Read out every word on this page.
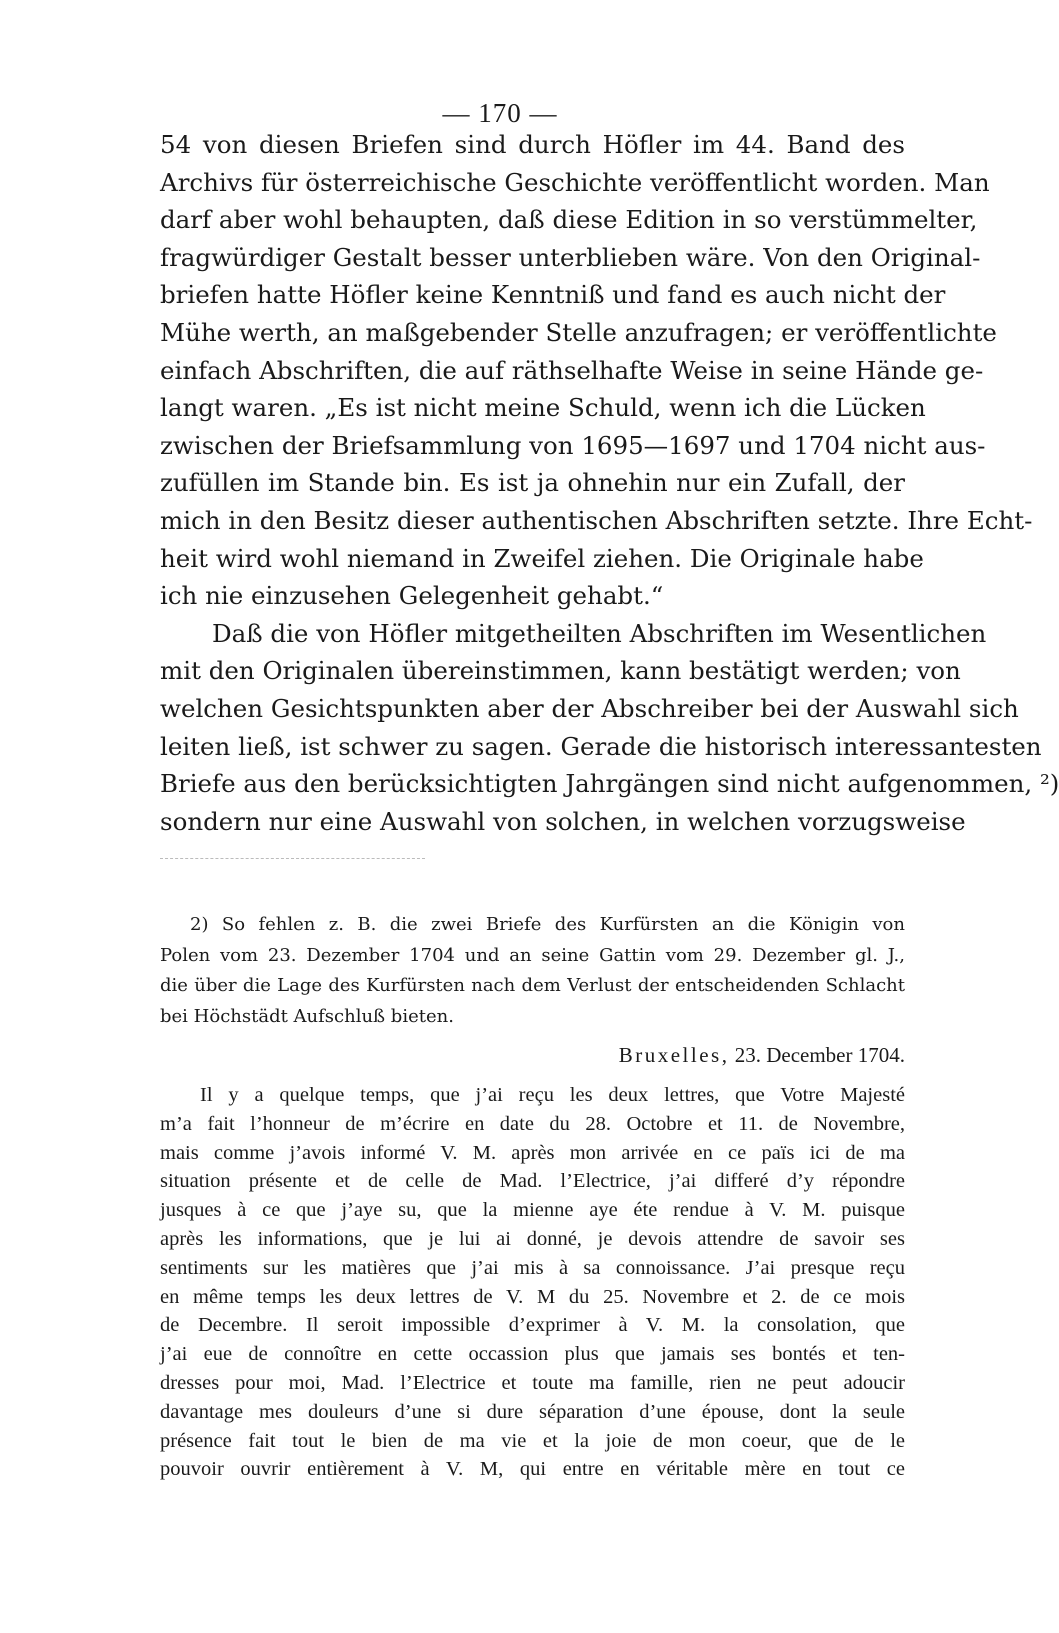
— 170 —
54 von diesen Briefen sind durch Höfler im 44. Band des
Archivs für österreichische Geschichte veröffentlicht worden. Man
darf aber wohl behaupten, daß diese Edition in so verstümmelter,
fragwürdiger Gestalt besser unterblieben wäre. Von den Original-
briefen hatte Höfler keine Kenntniß und fand es auch nicht der
Mühe werth, an maßgebender Stelle anzufragen; er veröffentlichte
einfach Abschriften, die auf räthselhafte Weise in seine Hände ge-
langt waren. „Es ist nicht meine Schuld, wenn ich die Lücken
zwischen der Briefsammlung von 1695—1697 und 1704 nicht aus-
zufüllen im Stande bin. Es ist ja ohnehin nur ein Zufall, der
mich in den Besitz dieser authentischen Abschriften setzte. Ihre Echt-
heit wird wohl niemand in Zweifel ziehen. Die Originale habe
ich nie einzusehen Gelegenheit gehabt.“
Daß die von Höfler mitgetheilten Abschriften im Wesentlichen
mit den Originalen übereinstimmen, kann bestätigt werden; von
welchen Gesichtspunkten aber der Abschreiber bei der Auswahl sich
leiten ließ, ist schwer zu sagen. Gerade die historisch interessantesten
Briefe aus den berücksichtigten Jahrgängen sind nicht aufgenommen, ²)
sondern nur eine Auswahl von solchen, in welchen vorzugsweise
2) So fehlen z. B. die zwei Briefe des Kurfürsten an die Königin von
Polen vom 23. Dezember 1704 und an seine Gattin vom 29. Dezember gl. J.,
die über die Lage des Kurfürsten nach dem Verlust der entscheidenden Schlacht
bei Höchstädt Aufschluß bieten.
Bruxelles, 23. December 1704.
Il y a quelque temps, que j’ai reçu les deux lettres, que Votre Majesté
m’a fait l’honneur de m’écrire en date du 28. Octobre et 11. de Novembre,
mais comme j’avois informé V. M. après mon arrivée en ce païs ici de ma
situation présente et de celle de Mad. l’Electrice, j’ai differé d’y répondre
jusques à ce que j’aye su, que la mienne aye éte rendue à V. M. puisque
après les informations, que je lui ai donné, je devois attendre de savoir ses
sentiments sur les matières que j’ai mis à sa connoissance. J’ai presque reçu
en même temps les deux lettres de V. M du 25. Novembre et 2. de ce mois
de Decembre. Il seroit impossible d’exprimer à V. M. la consolation, que
j’ai eue de connoître en cette occassion plus que jamais ses bontés et ten-
dresses pour moi, Mad. l’Electrice et toute ma famille, rien ne peut adoucir
davantage mes douleurs d’une si dure séparation d’une épouse, dont la seule
présence fait tout le bien de ma vie et la joie de mon coeur, que de le
pouvoir ouvrir entièrement à V. M, qui entre en véritable mère en tout ce
